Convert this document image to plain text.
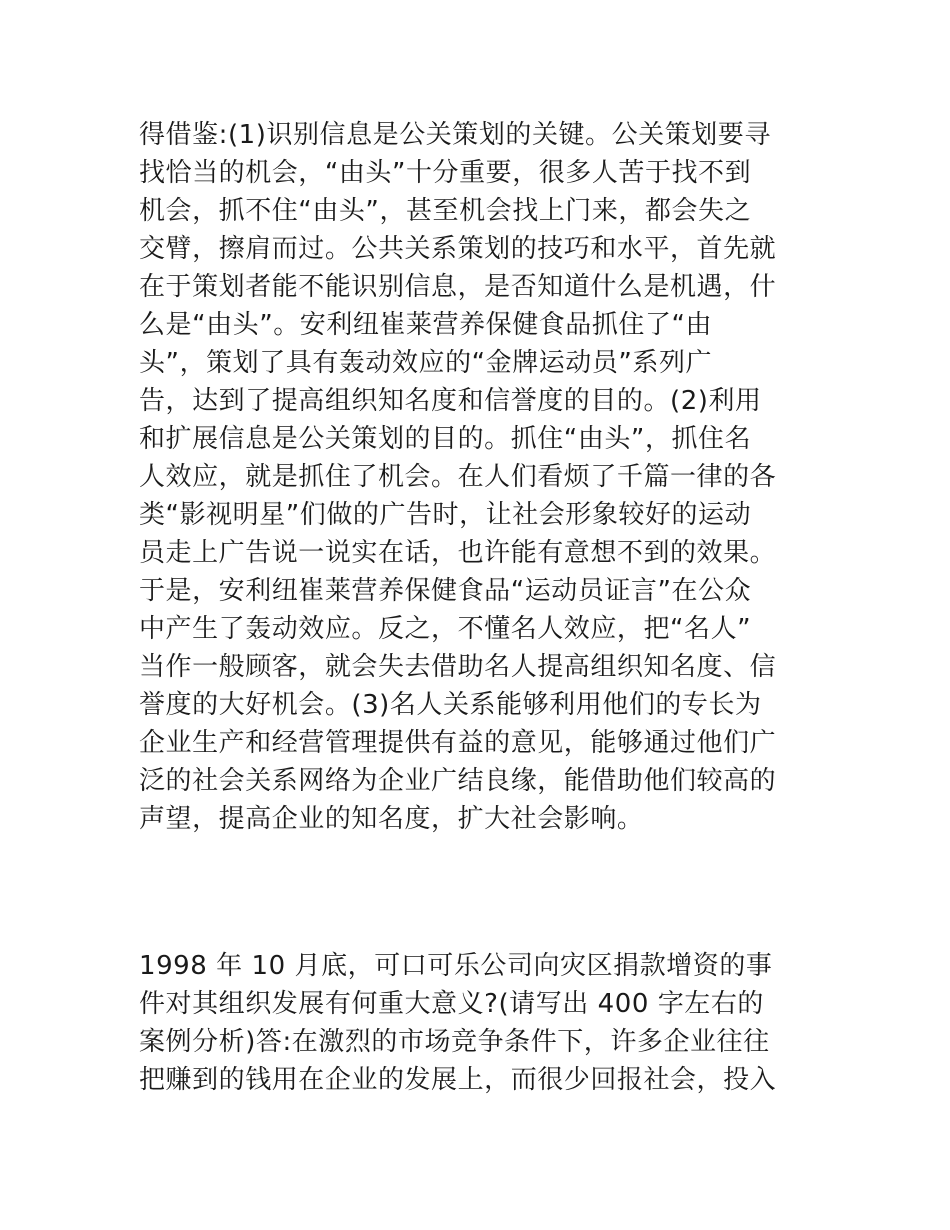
得借鉴:(1)识别信息是公关策划的关键。公关策划要寻
找恰当的机会，“由头”十分重要，很多人苦于找不到
机会，抓不住“由头”，甚至机会找上门来，都会失之
交臂，擦肩而过。公共关系策划的技巧和水平，首先就
在于策划者能不能识别信息，是否知道什么是机遇，什
么是“由头”。安利纽崔莱营养保健食品抓住了“由
头”，策划了具有轰动效应的“金牌运动员”系列广
告，达到了提高组织知名度和信誉度的目的。(2)利用
和扩展信息是公关策划的目的。抓住“由头”，抓住名
人效应，就是抓住了机会。在人们看烦了千篇一律的各
类“影视明星”们做的广告时，让社会形象较好的运动
员走上广告说一说实在话，也许能有意想不到的效果。
于是，安利纽崔莱营养保健食品“运动员证言”在公众
中产生了轰动效应。反之，不懂名人效应，把“名人”
当作一般顾客，就会失去借助名人提高组织知名度、信
誉度的大好机会。(3)名人关系能够利用他们的专长为
企业生产和经营管理提供有益的意见，能够通过他们广
泛的社会关系网络为企业广结良缘，能借助他们较高的
声望，提高企业的知名度，扩大社会影响。
1998 年 10 月底，可口可乐公司向灾区捐款增资的事
件对其组织发展有何重大意义?(请写出 400 字左右的
案例分析)答:在激烈的市场竞争条件下，许多企业往往
把赚到的钱用在企业的发展上，而很少回报社会，投入
